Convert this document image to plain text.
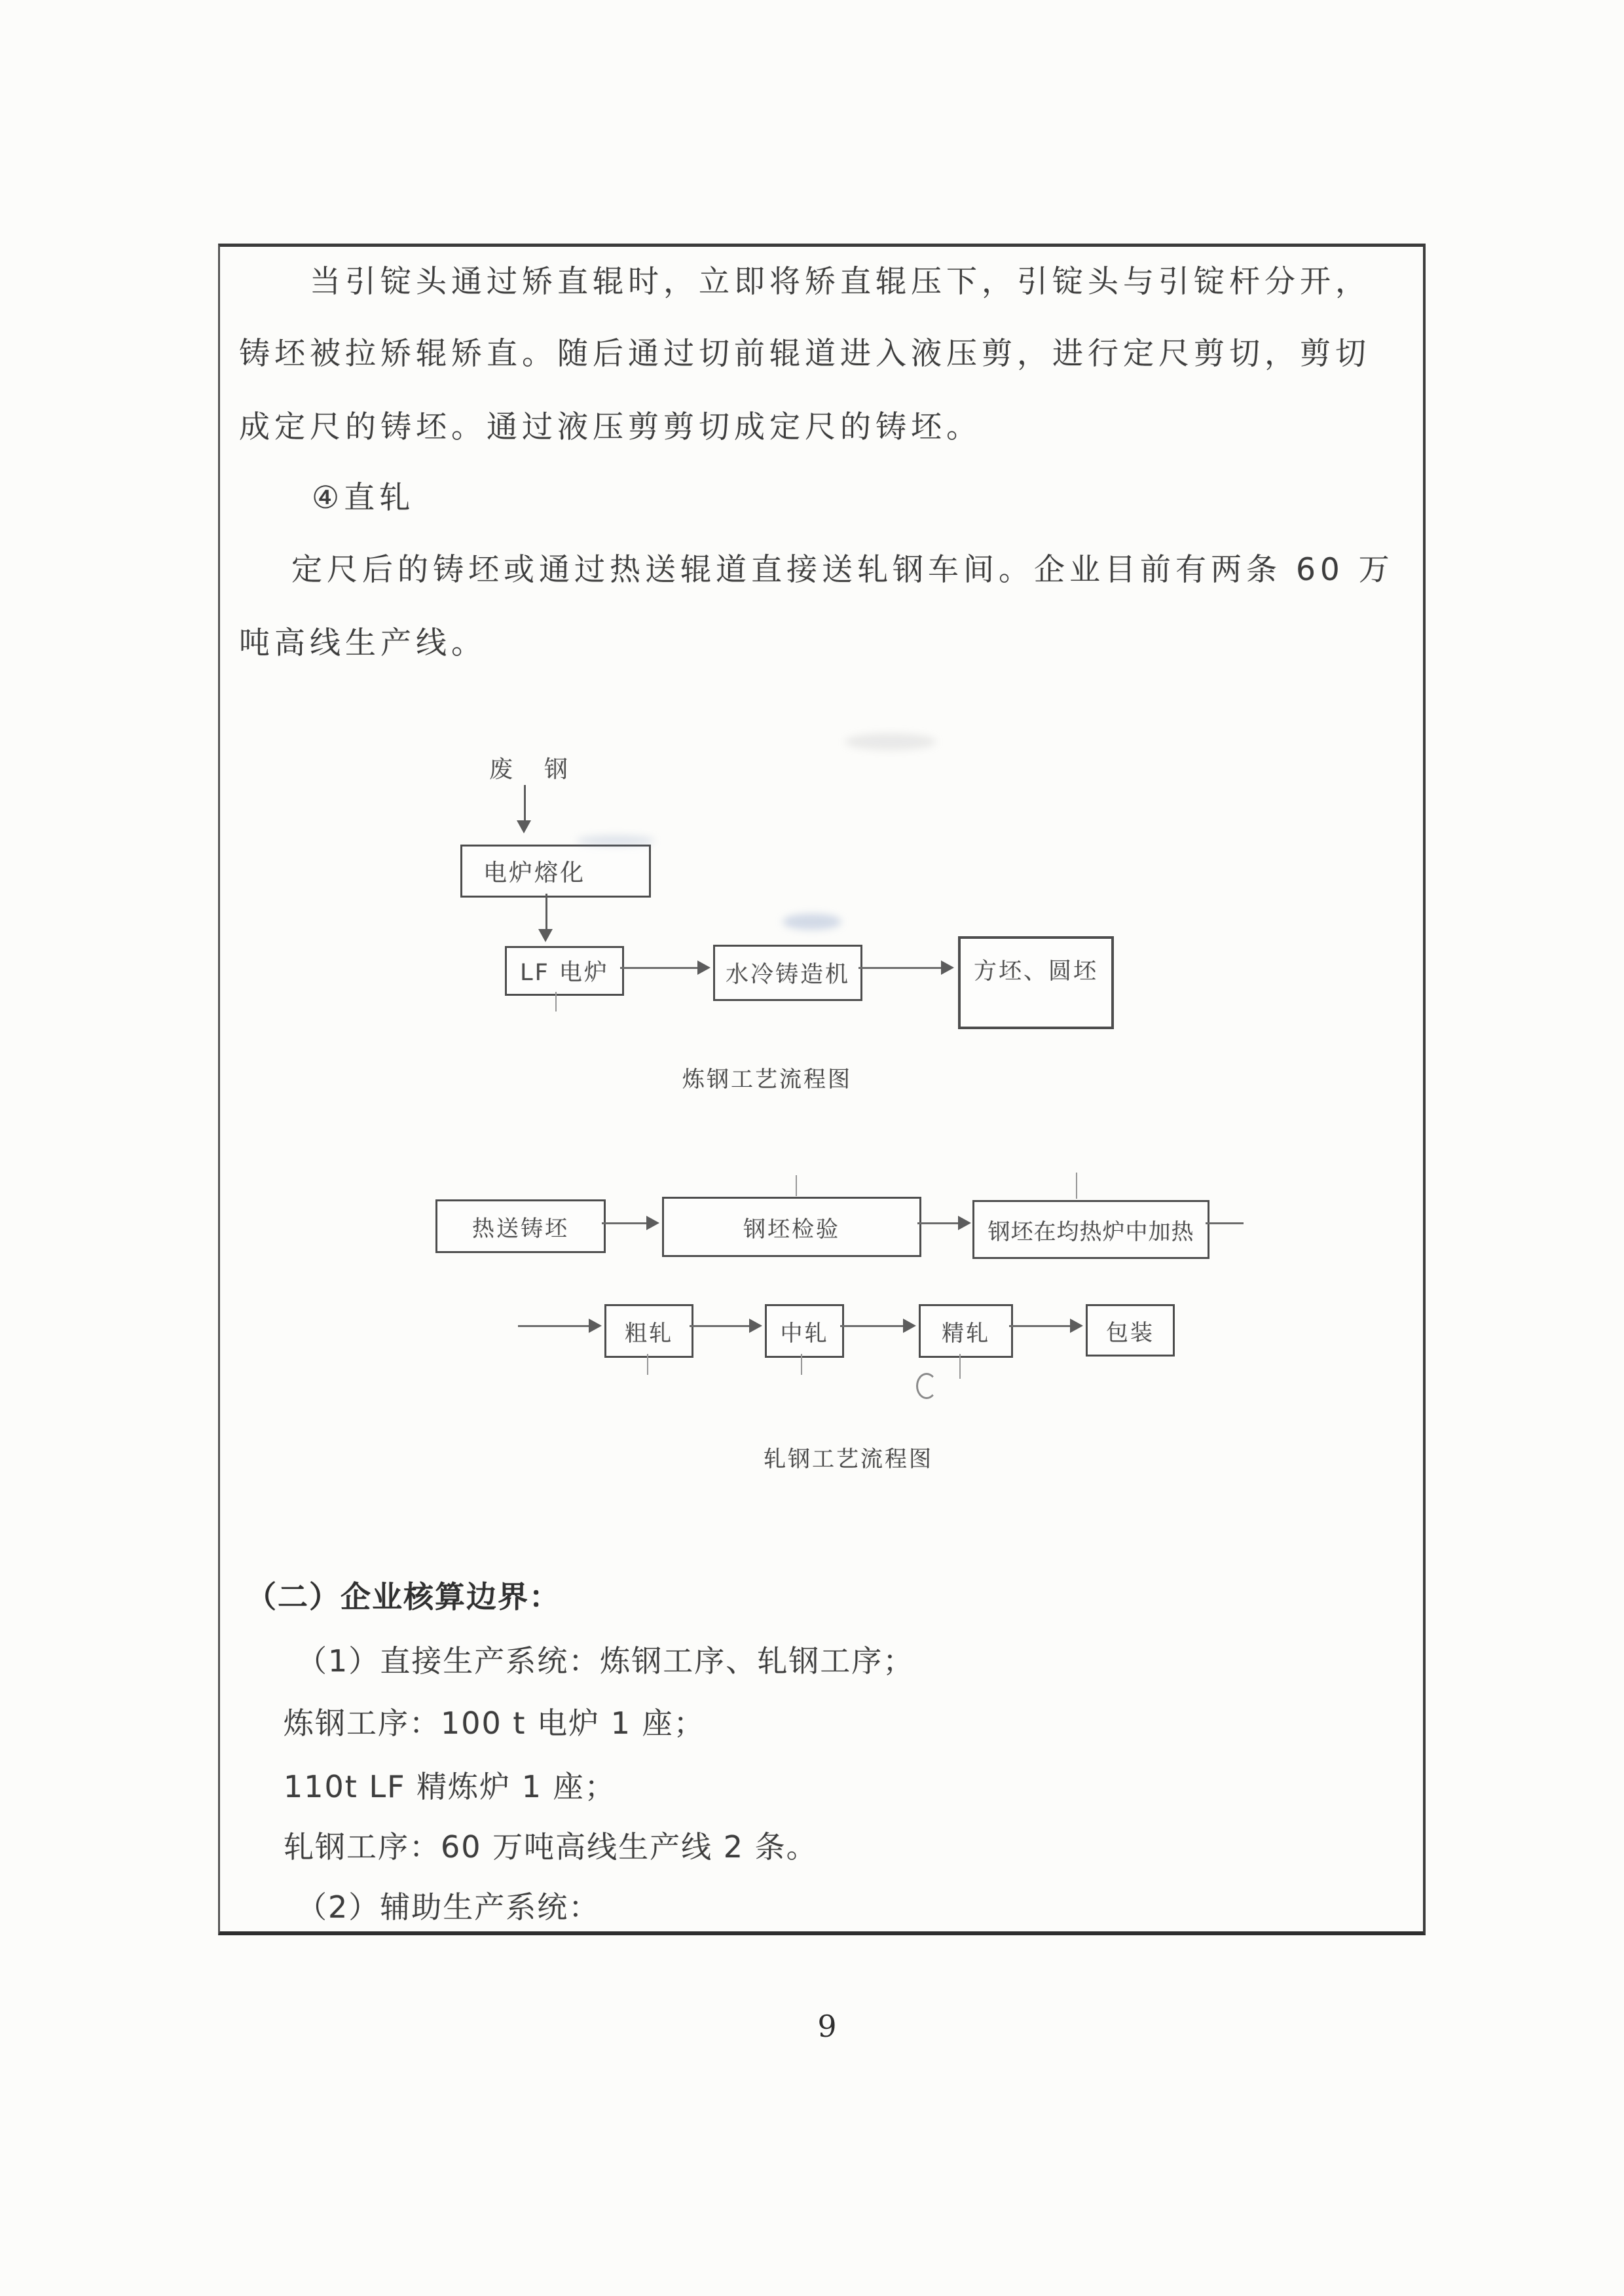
当引锭头通过矫直辊时，立即将矫直辊压下，引锭头与引锭杆分开，
铸坯被拉矫辊矫直。随后通过切前辊道进入液压剪，进行定尺剪切，剪切
成定尺的铸坯。通过液压剪剪切成定尺的铸坯。
④直轧
定尺后的铸坯或通过热送辊道直接送轧钢车间。企业目前有两条 60 万
吨高线生产线。
废　钢
电炉熔化
LF 电炉	水冷铸造机	方坯、圆坯
炼钢工艺流程图
热送铸坯	钢坯检验	钢坯在均热炉中加热
粗轧	中轧	精轧	包装
轧钢工艺流程图
（二）企业核算边界：
（1）直接生产系统：炼钢工序、轧钢工序；
炼钢工序：100 t 电炉 1 座；
110t LF 精炼炉 1 座；
轧钢工序：60 万吨高线生产线 2 条。
（2）辅助生产系统：
9
